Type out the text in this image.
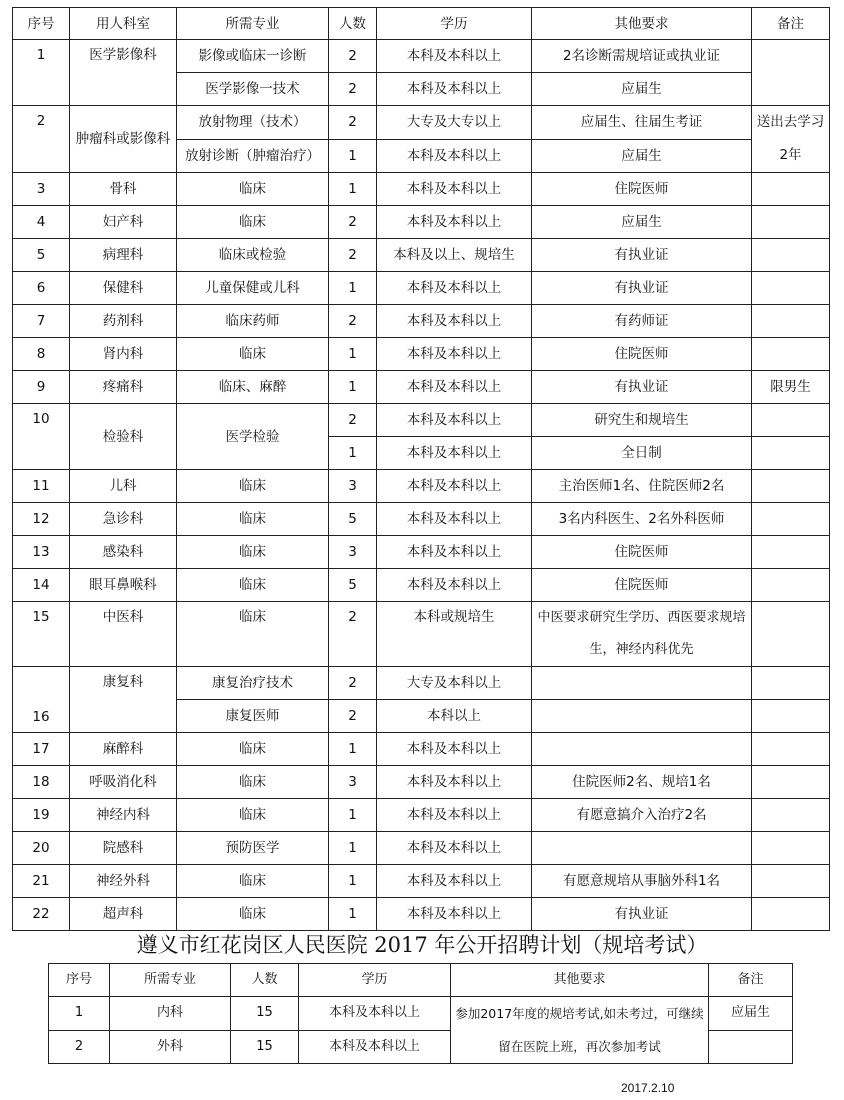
序号	用人科室	所需专业	人数	学历	其他要求	备注
1	医学影像科	影像或临床一诊断	2	本科及本科以上	2名诊断需规培证或执业证	
		医学影像一技术	2	本科及本科以上	应届生	
2	肿瘤科或影像科	放射物理（技术）	2	大专及大专以上	应届生、往届生考证	送出去学习2年
		放射诊断（肿瘤治疗）	1	本科及本科以上	应届生	
3	骨科	临床	1	本科及本科以上	住院医师	
4	妇产科	临床	2	本科及本科以上	应届生	
5	病理科	临床或检验	2	本科及以上、规培生	有执业证	
6	保健科	儿童保健或儿科	1	本科及本科以上	有执业证	
7	药剂科	临床药师	2	本科及本科以上	有药师证	
8	肾内科	临床	1	本科及本科以上	住院医师	
9	疼痛科	临床、麻醉	1	本科及本科以上	有执业证	限男生
10	检验科	医学检验	2	本科及本科以上	研究生和规培生	
			1	本科及本科以上	全日制	
11	儿科	临床	3	本科及本科以上	主治医师1名、住院医师2名	
12	急诊科	临床	5	本科及本科以上	3名内科医生、2名外科医师	
13	感染科	临床	3	本科及本科以上	住院医师	
14	眼耳鼻喉科	临床	5	本科及本科以上	住院医师	
15	中医科	临床	2	本科或规培生	中医要求研究生学历、西医要求规培生，神经内科优先	
16	康复科	康复治疗技术	2	大专及本科以上		
		康复医师	2	本科以上		
17	麻醉科	临床	1	本科及本科以上		
18	呼吸消化科	临床	3	本科及本科以上	住院医师2名、规培1名	
19	神经内科	临床	1	本科及本科以上	有愿意搞介入治疗2名	
20	院感科	预防医学	1	本科及本科以上		
21	神经外科	临床	1	本科及本科以上	有愿意规培从事脑外科1名	
22	超声科	临床	1	本科及本科以上	有执业证	
遵义市红花岗区人民医院 2017 年公开招聘计划（规培考试）
序号	所需专业	人数	学历	其他要求	备注
1	内科	15	本科及本科以上	参加2017年度的规培考试,如未考过，可继续留在医院上班，再次参加考试	应届生
2	外科	15	本科及本科以上		
2017.2.10
